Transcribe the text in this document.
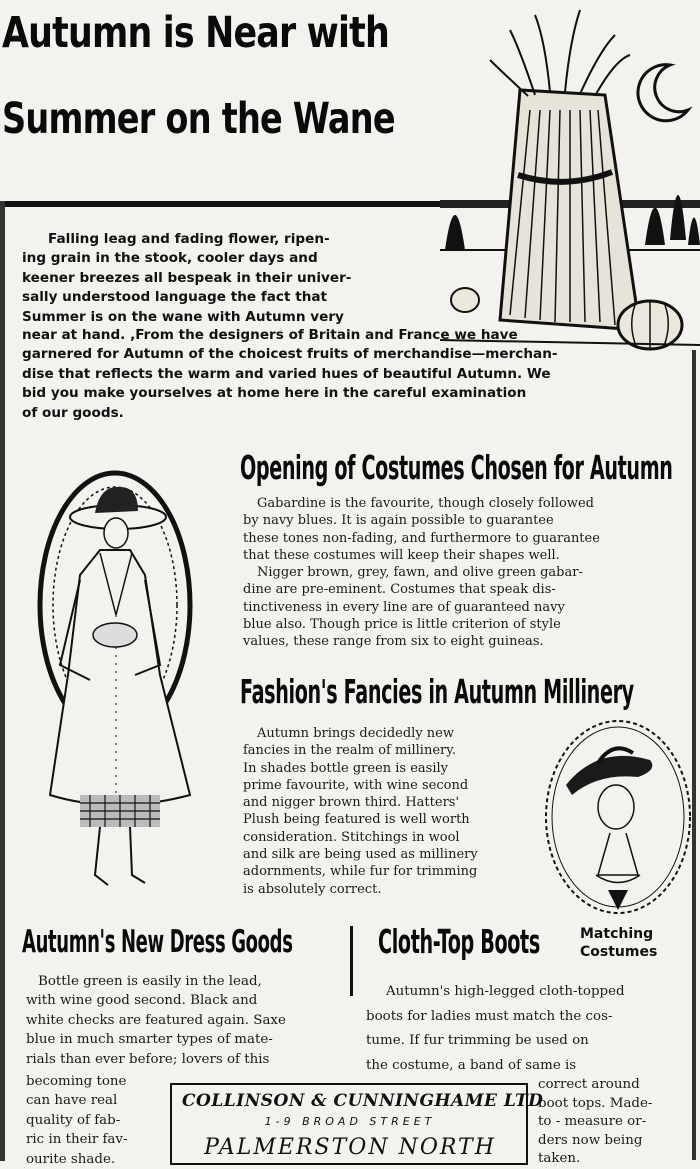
Autumn is Near with
Summer on the Wane
Falling leag and fading flower, ripen-
ing grain in the stook, cooler days and
keener breezes all bespeak in their univer-
sally understood language the fact that
Summer is on the wane with Autumn very
near at hand. ,From the designers of Britain and France we have
garnered for Autumn of the choicest fruits of merchandise—merchan-
dise that reflects the warm and varied hues of beautiful Autumn. We
bid you make yourselves at home here in the careful examination
of our goods.
Opening of Costumes Chosen for Autumn
Gabardine is the favourite, though closely followed
by navy blues. It is again possible to guarantee
these tones non-fading, and furthermore to guarantee
that these costumes will keep their shapes well.
Nigger brown, grey, fawn, and olive green gabar-
dine are pre-eminent. Costumes that speak dis-
tinctiveness in every line are of guaranteed navy
blue also. Though price is little criterion of style
values, these range from six to eight guineas.
Fashion's Fancies in Autumn Millinery
Autumn brings decidedly new
fancies in the realm of millinery.
In shades bottle green is easily
prime favourite, with wine second
and nigger brown third. Hatters'
Plush being featured is well worth
consideration. Stitchings in wool
and silk are being used as millinery
adornments, while fur for trimming
is absolutely correct.
Autumn's New Dress Goods
Bottle green is easily in the lead,
with wine good second. Black and
white checks are featured again. Saxe
blue in much smarter types of mate-
rials than ever before; lovers of this
becoming tone
can have real
quality of fab-
ric in their fav-
ourite shade.
Cloth-Top Boots	Matching
Costumes
Autumn's high-legged cloth-topped
boots for ladies must match the cos-
tume. If fur trimming be used on
the costume, a band of same is
correct around
boot tops. Made-
to - measure or-
ders now being
taken.
COLLINSON & CUNNINGHAME LTD
1-9 BROAD STREET
PALMERSTON NORTH
